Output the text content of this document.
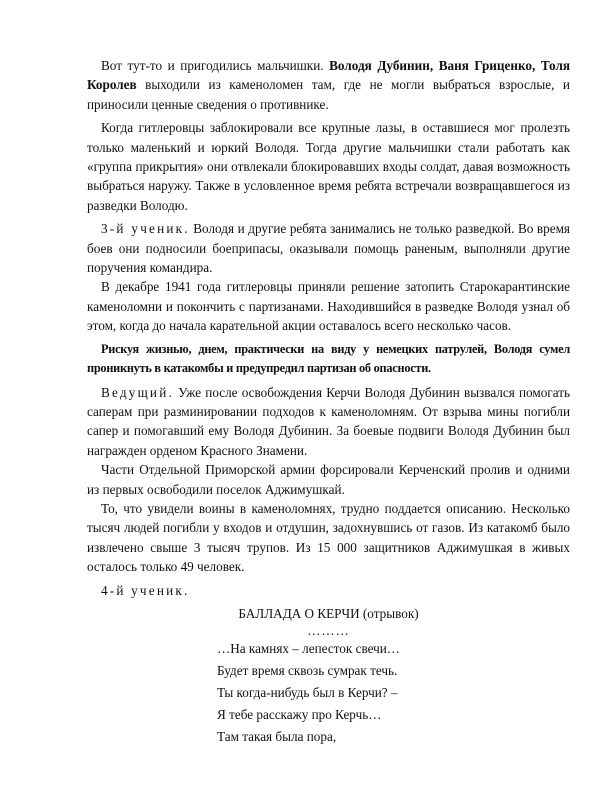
Вот тут-то и пригодились мальчишки. Володя Дубинин, Ваня Гриценко, Толя Королев выходили из каменоломен там, где не могли выбраться взрослые, и приносили ценные сведения о противнике.

Когда гитлеровцы заблокировали все крупные лазы, в оставшиеся мог пролезть только маленький и юркий Володя. Тогда другие мальчишки стали работать как «группа прикрытия» они отвлекали блокировавших входы солдат, давая возможность выбраться наружу. Также в условленное время ребята встречали возвращавшегося из разведки Володю.

3-й ученик. Володя и другие ребята занимались не только разведкой. Во время боев они подносили боеприпасы, оказывали помощь раненым, выполняли другие поручения командира.

В декабре 1941 года гитлеровцы приняли решение затопить Старокарантинские каменоломни и покончить с партизанами. Находившийся в разведке Володя узнал об этом, когда до начала карательной акции оставалось всего несколько часов.

Рискуя жизнью, днем, практически на виду у немецких патрулей, Володя сумел проникнуть в катакомбы и предупредил партизан об опасности.

Ведущий. Уже после освобождения Керчи Володя Дубинин вызвался помогать саперам при разминировании подходов к каменоломням. От взрыва мины погибли сапер и помогавший ему Володя Дубинин. За боевые подвиги Володя Дубинин был награжден орденом Красного Знамени.

Части Отдельной Приморской армии форсировали Керченский пролив и одними из первых освободили поселок Аджимушкай.

То, что увидели воины в каменоломнях, трудно поддается описанию. Несколько тысяч людей погибли у входов и отдушин, задохнувшись от газов. Из катакомб было извлечено свыше 3 тысяч трупов. Из 15 000 защитников Аджимушкая в живых осталось только 49 человек.

4-й ученик.

БАЛЛАДА О КЕРЧИ (отрывок)

………

…На камнях – лепесток свечи…

Будет время сквозь сумрак течь.

Ты когда-нибудь был в Керчи? –

Я тебе расскажу про Керчь…

Там такая была пора,
